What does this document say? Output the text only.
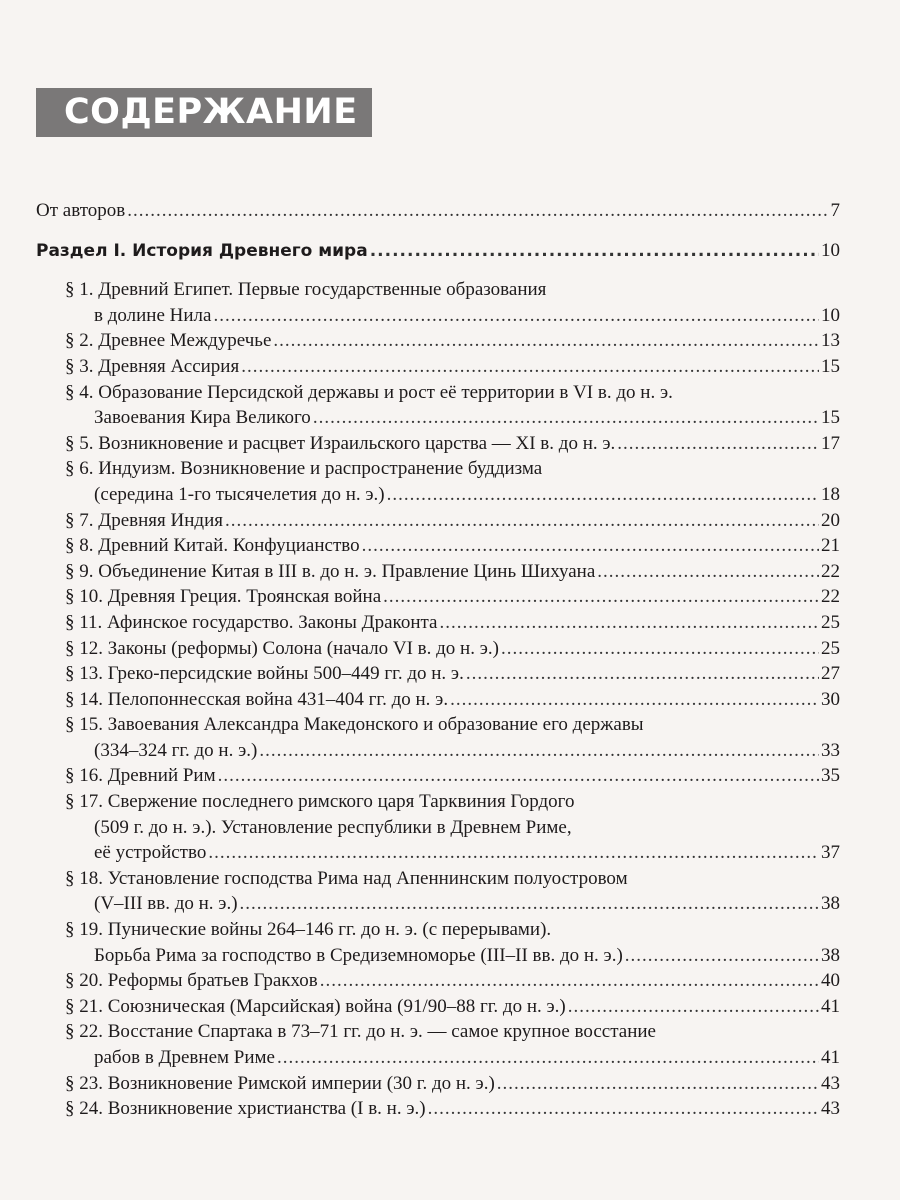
СОДЕРЖАНИЕ
От авторов .....	7
Раздел I. История Древнего мира .....	10
§ 1. Древний Египет. Первые государственные образования
в долине Нила .....	10
§ 2. Древнее Междуречье .....	13
§ 3. Древняя Ассирия .....	15
§ 4. Образование Персидской державы и рост её территории в VI в. до н. э.
Завоевания Кира Великого .....	15
§ 5. Возникновение и расцвет Израильского царства — XI в. до н. э. .....	17
§ 6. Индуизм. Возникновение и распространение буддизма
(середина 1-го тысячелетия до н. э.) .....	18
§ 7. Древняя Индия .....	20
§ 8. Древний Китай. Конфуцианство .....	21
§ 9. Объединение Китая в III в. до н. э. Правление Цинь Шихуана .....	22
§ 10. Древняя Греция. Троянская война .....	22
§ 11. Афинское государство. Законы Драконта .....	25
§ 12. Законы (реформы) Солона (начало VI в. до н. э.) .....	25
§ 13. Греко-персидские войны 500–449 гг. до н. э. .....	27
§ 14. Пелопоннесская война 431–404 гг. до н. э. .....	30
§ 15. Завоевания Александра Македонского и образование его державы
(334–324 гг. до н. э.) .....	33
§ 16. Древний Рим .....	35
§ 17. Свержение последнего римского царя Тарквиния Гордого
(509 г. до н. э.). Установление республики в Древнем Риме,
её устройство .....	37
§ 18. Установление господства Рима над Апеннинским полуостровом
(V–III вв. до н. э.) .....	38
§ 19. Пунические войны 264–146 гг. до н. э. (с перерывами).
Борьба Рима за господство в Средиземноморье (III–II вв. до н. э.) .....	38
§ 20. Реформы братьев Гракхов .....	40
§ 21. Союзническая (Марсийская) война (91/90–88 гг. до н. э.) .....	41
§ 22. Восстание Спартака в 73–71 гг. до н. э. — самое крупное восстание
рабов в Древнем Риме .....	41
§ 23. Возникновение Римской империи (30 г. до н. э.) .....	43
§ 24. Возникновение христианства (I в. н. э.) .....	43
